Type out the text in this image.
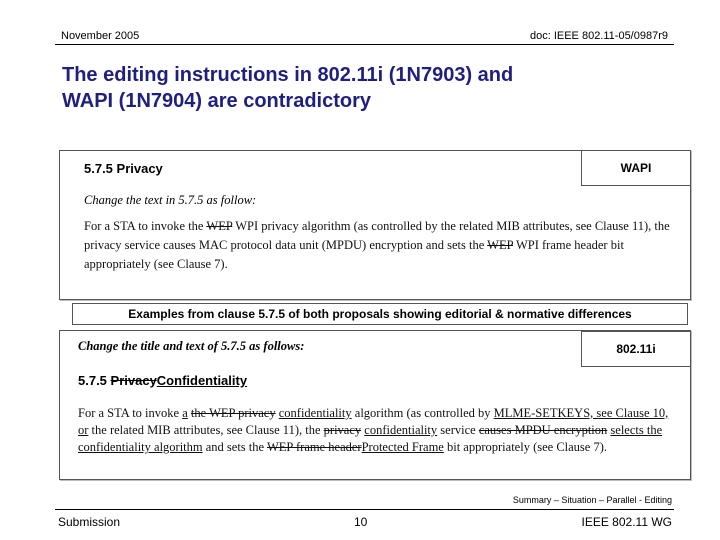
November 2005	doc: IEEE 802.11-05/0987r9
The editing instructions in 802.11i (1N7903) and
WAPI (1N7904) are contradictory
WAPI
5.7.5 Privacy
Change the text in 5.7.5 as follow:
For a STA to invoke the WEP WPI privacy algorithm (as controlled by the related MIB attributes, see Clause 11), the privacy service causes MAC protocol data unit (MPDU) encryption and sets the WEP WPI frame header bit appropriately (see Clause 7).
Examples from clause 5.7.5 of both proposals showing editorial & normative differences
802.11i
Change the title and text of 5.7.5 as follows:
5.7.5 PrivacyConfidentiality
For a STA to invoke a the WEP privacy confidentiality algorithm (as controlled by MLME-SETKEYS, see Clause 10, or the related MIB attributes, see Clause 11), the privacy confidentiality service causes MPDU encryption selects the confidentiality algorithm and sets the WEP frame headerProtected Frame bit appropriately (see Clause 7).
Summary – Situation – Parallel - Editing
Submission	10	IEEE 802.11 WG
